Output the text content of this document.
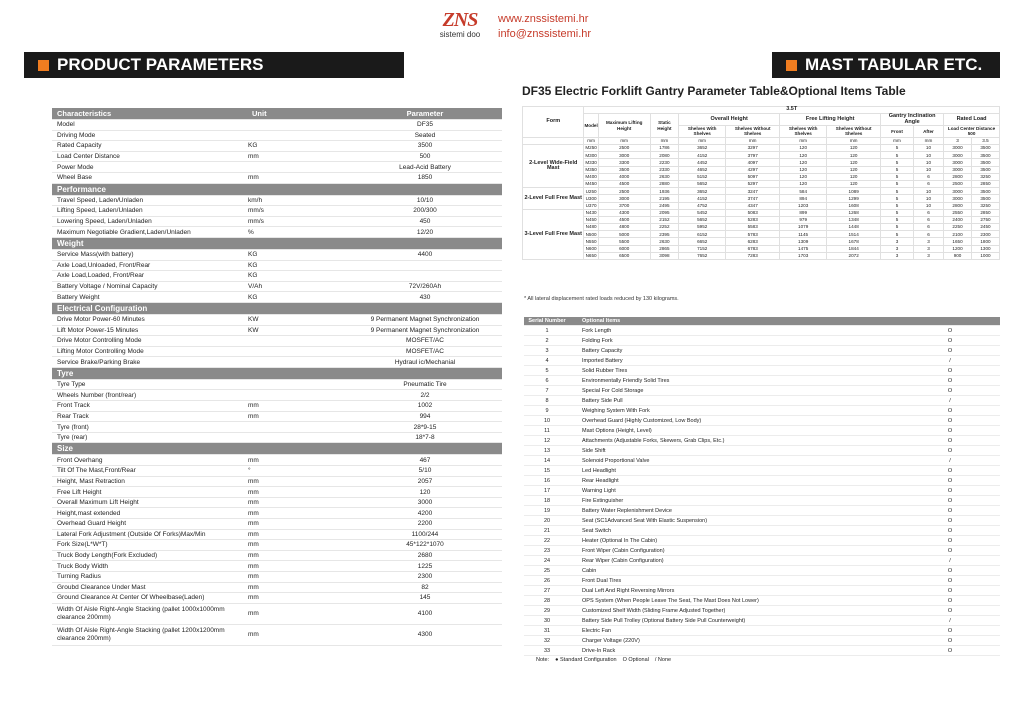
ZNS
sistemi doo
www.znssistemi.hr
info@znssistemi.hr
PRODUCT PARAMETERS	MAST TABULAR ETC.
Characteristics	Unit	Parameter
Model	DF35
Driving Mode	Seated
Rated Capacity	KG	3500
Load Center Distance	mm	500
Power Mode	Lead-Acid Battery
Wheel Base	mm	1850
Performance
Travel Speed, Laden/Unladen	km/h	10/10
Lifting Speed, Laden/Unladen	mm/s	200/300
Lowering Speed, Laden/Unladen	mm/s	450
Maximum Negotiable Gradient,Laden/Unladen	%	12/20
Weight
Service Mass(with battery)	KG	4400
Axle Load,Unloaded, Front/Rear	KG
Axle Load,Loaded, Front/Rear	KG
Battery Voltage / Nominal Capacity	V/Ah	72V/260Ah
Battery Weight	KG	430
Electrical Configuration
Drive Motor Power-60 Minutes	KW	9 Permanent Magnet Synchronization
Lift Motor Power-15 Minutes	KW	9 Permanent Magnet Synchronization
Drive Motor Controlling Mode	MOSFET/AC
Lifting Motor Controlling Mode	MOSFET/AC
Service Brake/Parking Brake	Hydraul ic/Mechanial
Tyre
Tyre Type	Pneumatic Tire
Wheels Number (front/rear)	2/2
Front Track	mm	1002
Rear Track	mm	994
Tyre (front)	28*9-15
Tyre (rear)	18*7-8
Size
Front Overhang	mm	467
Tilt Of The Mast,Front/Rear	°	5/10
Height, Mast Retraction	mm	2057
Free Lift Height	mm	120
Overall Maximum Lift Height	mm	3000
Height,mast extended	mm	4200
Overhead Guard Height	mm	2200
Lateral Fork Adjustment (Outside Of Forks)Max/Min	mm	1100/244
Fork Size(L*W*T)	mm	45*122*1070
Truck Body Length(Fork Excluded)	mm	2680
Truck Body Width	mm	1225
Turning Radius	mm	2300
Groubd Clearance Under Mast	mm	82
Ground Clearance At Center Of Wheelbase(Laden)	mm	145
Width Of Aisle Right-Angle Stacking (pallet 1000x1000mm clearance 200mm)	mm	4100
Width Of Aisle Right-Angle Stacking (pallet 1200x1200mm clearance 200mm)	mm	4300
DF35 Electric Forklift Gantry Parameter Table&Optional Items Table
Form	3.5T										
	Model	Maximum Lifting Height	Static Height	Overall Height		Free Lifting Height		Gantry Inclination Angle		Rated Load	
				Shelves With Shelves	Shelves Without Shelves	Shelves With Shelves	Shelves Without Shelves	Front	After	Load Center Distance 500	
	mm	mm	mm	mm	mm	mm	mm	mm	mm	3	3.5
2-Level Wide-Field Mast	M250	2500	1786	3652	3297	120	120	5	10	3000	3500
	M300	3000	2080	4152	3797	120	120	5	10	3000	3500
	M330	3300	2230	4452	4097	120	120	5	10	3000	3500
	M350	3500	2330	4652	4297	120	120	5	10	3000	3500
	M400	4000	2630	5152	5097	120	120	5	6	2800	3250
	M450	4500	2880	5652	5297	120	120	5	6	2500	2850
2-Level Full Free Mast	U250	2500	1936	3652	3247	584	1089	5	10	3000	3500
	U300	3000	2195	4152	3747	894	1299	5	10	3000	3500
	U370	3700	2495	4752	4347	1203	1608	5	10	2800	3250
3-Level Full Free Mast	N430	4300	2095	5452	5083	899	1268	5	6	2550	2850
	N450	4500	2152	5652	5283	979	1348	5	6	2400	2750
	N480	4800	2252	5952	5583	1079	1448	5	6	2250	2450
	N500	5000	2395	6152	5783	1145	1514	5	6	2100	2300
	N550	5500	2630	6652	6283	1309	1678	3	3	1650	1800
	N600	6000	2865	7152	6783	1475	1844	3	3	1200	1300
	N650	6500	3098	7652	7283	1703	2072	3	3	900	1000
* All lateral displacement rated loads reduced by 130 kilograms.
Serial Number	Optional Items
1	Fork Length	O
2	Folding Fork	O
3	Battery Capacity	O
4	Imported Battery	/
5	Solid Rubber Tires	O
6	Environmentally Friendly Solid Tires	O
7	Special For Cold Storage	O
8	Battery Side Pull	/
9	Weighing System With Fork	O
10	Overhead Guard (Highly Customized, Low Body)	O
11	Mast Options (Height, Level)	O
12	Attachments (Adjustable Forks, Skewers, Grab Clips, Etc.)	O
13	Side Shift	O
14	Solenoid Proportional Valve	/
15	Led Headlight	O
16	Rear Headlight	O
17	Warning Light	O
18	Fire Extinguisher	O
19	Battery Water Replenishment Device	O
20	Seat (SC1Advanced Seat With Elastic Suspension)	O
21	Seat Switch	O
22	Heater (Optional In The Cabin)	O
23	Front Wiper (Cabin Configuration)	O
24	Rear Wiper (Cabin Configuration)	/
25	Cabin	O
26	Front Dual Tires	O
27	Dual Left And Right Reversing Mirrors	O
28	OPS System (When People Leave The Seat, The Mast Does Not Lower)	O
29	Customized Shelf Width (Sliding Frame Adjusted Together)	O
30	Battery Side Pull Trolley (Optional Battery Side Pull Counterweight)	/
31	Electric Fan	O
32	Charger Voltage (220V)	O
33	Drive-In Rack	O
Note: ● Standard Configuration O Optional / None
